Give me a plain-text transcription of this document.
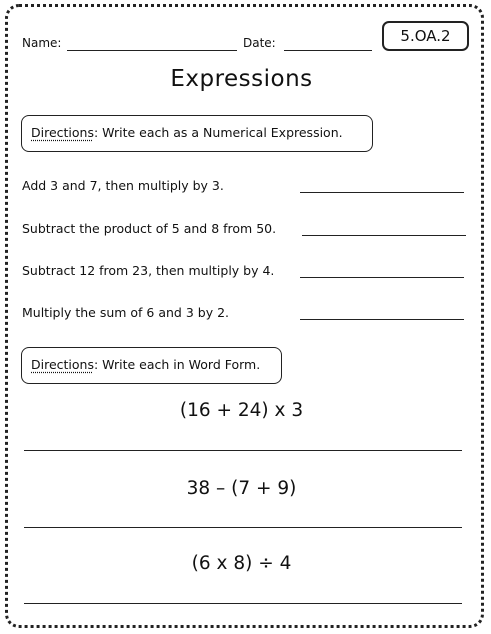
Name:	Date:	5.OA.2
Expressions
Directions: Write each as a Numerical Expression.
Add 3 and 7, then multiply by 3.
Subtract the product of 5 and 8 from 50.
Subtract 12 from 23, then multiply by 4.
Multiply the sum of 6 and 3 by 2.
Directions: Write each in Word Form.
(16 + 24) x 3
38 – (7 + 9)
(6 x 8) ÷ 4
